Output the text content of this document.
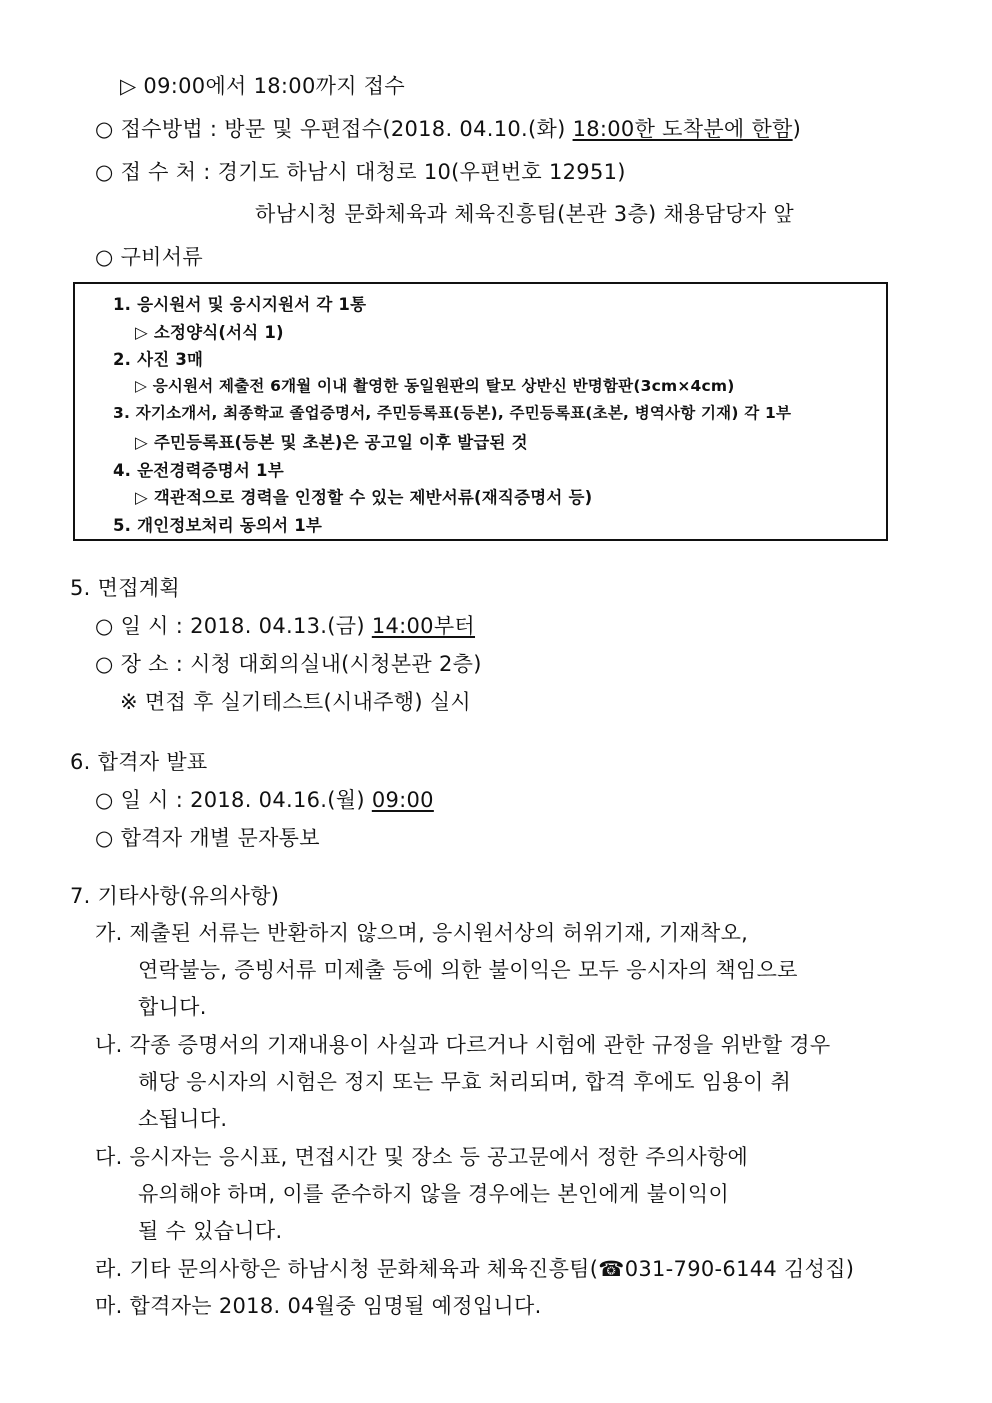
▷ 09:00에서 18:00까지 접수
○ 접수방법 : 방문 및 우편접수(2018. 04.10.(화) 18:00한 도착분에 한함)
○ 접 수 처 : 경기도 하남시 대청로 10(우편번호 12951)
하남시청 문화체육과 체육진흥팀(본관 3층) 채용담당자 앞
○ 구비서류
1. 응시원서 및 응시지원서 각 1통
▷ 소정양식(서식 1)
2. 사진 3매
▷ 응시원서 제출전 6개월 이내 촬영한 동일원판의 탈모 상반신 반명함판(3cm×4cm)
3. 자기소개서, 최종학교 졸업증명서, 주민등록표(등본), 주민등록표(초본, 병역사항 기재) 각 1부
▷ 주민등록표(등본 및 초본)은 공고일 이후 발급된 것
4. 운전경력증명서 1부
▷ 객관적으로 경력을 인정할 수 있는 제반서류(재직증명서 등)
5. 개인정보처리 동의서 1부
5. 면접계획
○ 일 시 : 2018. 04.13.(금) 14:00부터
○ 장 소 : 시청 대회의실내(시청본관 2층)
※ 면접 후 실기테스트(시내주행) 실시
6. 합격자 발표
○ 일 시 : 2018. 04.16.(월) 09:00
○ 합격자 개별 문자통보
7. 기타사항(유의사항)
가. 제출된 서류는 반환하지 않으며, 응시원서상의 허위기재, 기재착오,
연락불능, 증빙서류 미제출 등에 의한 불이익은 모두 응시자의 책임으로
합니다.
나. 각종 증명서의 기재내용이 사실과 다르거나 시험에 관한 규정을 위반할 경우
해당 응시자의 시험은 정지 또는 무효 처리되며, 합격 후에도 임용이 취
소됩니다.
다. 응시자는 응시표, 면접시간 및 장소 등 공고문에서 정한 주의사항에
유의해야 하며, 이를 준수하지 않을 경우에는 본인에게 불이익이
될 수 있습니다.
라. 기타 문의사항은 하남시청 문화체육과 체육진흥팀(☎031-790-6144 김성집)
마. 합격자는 2018. 04월중 임명될 예정입니다.
